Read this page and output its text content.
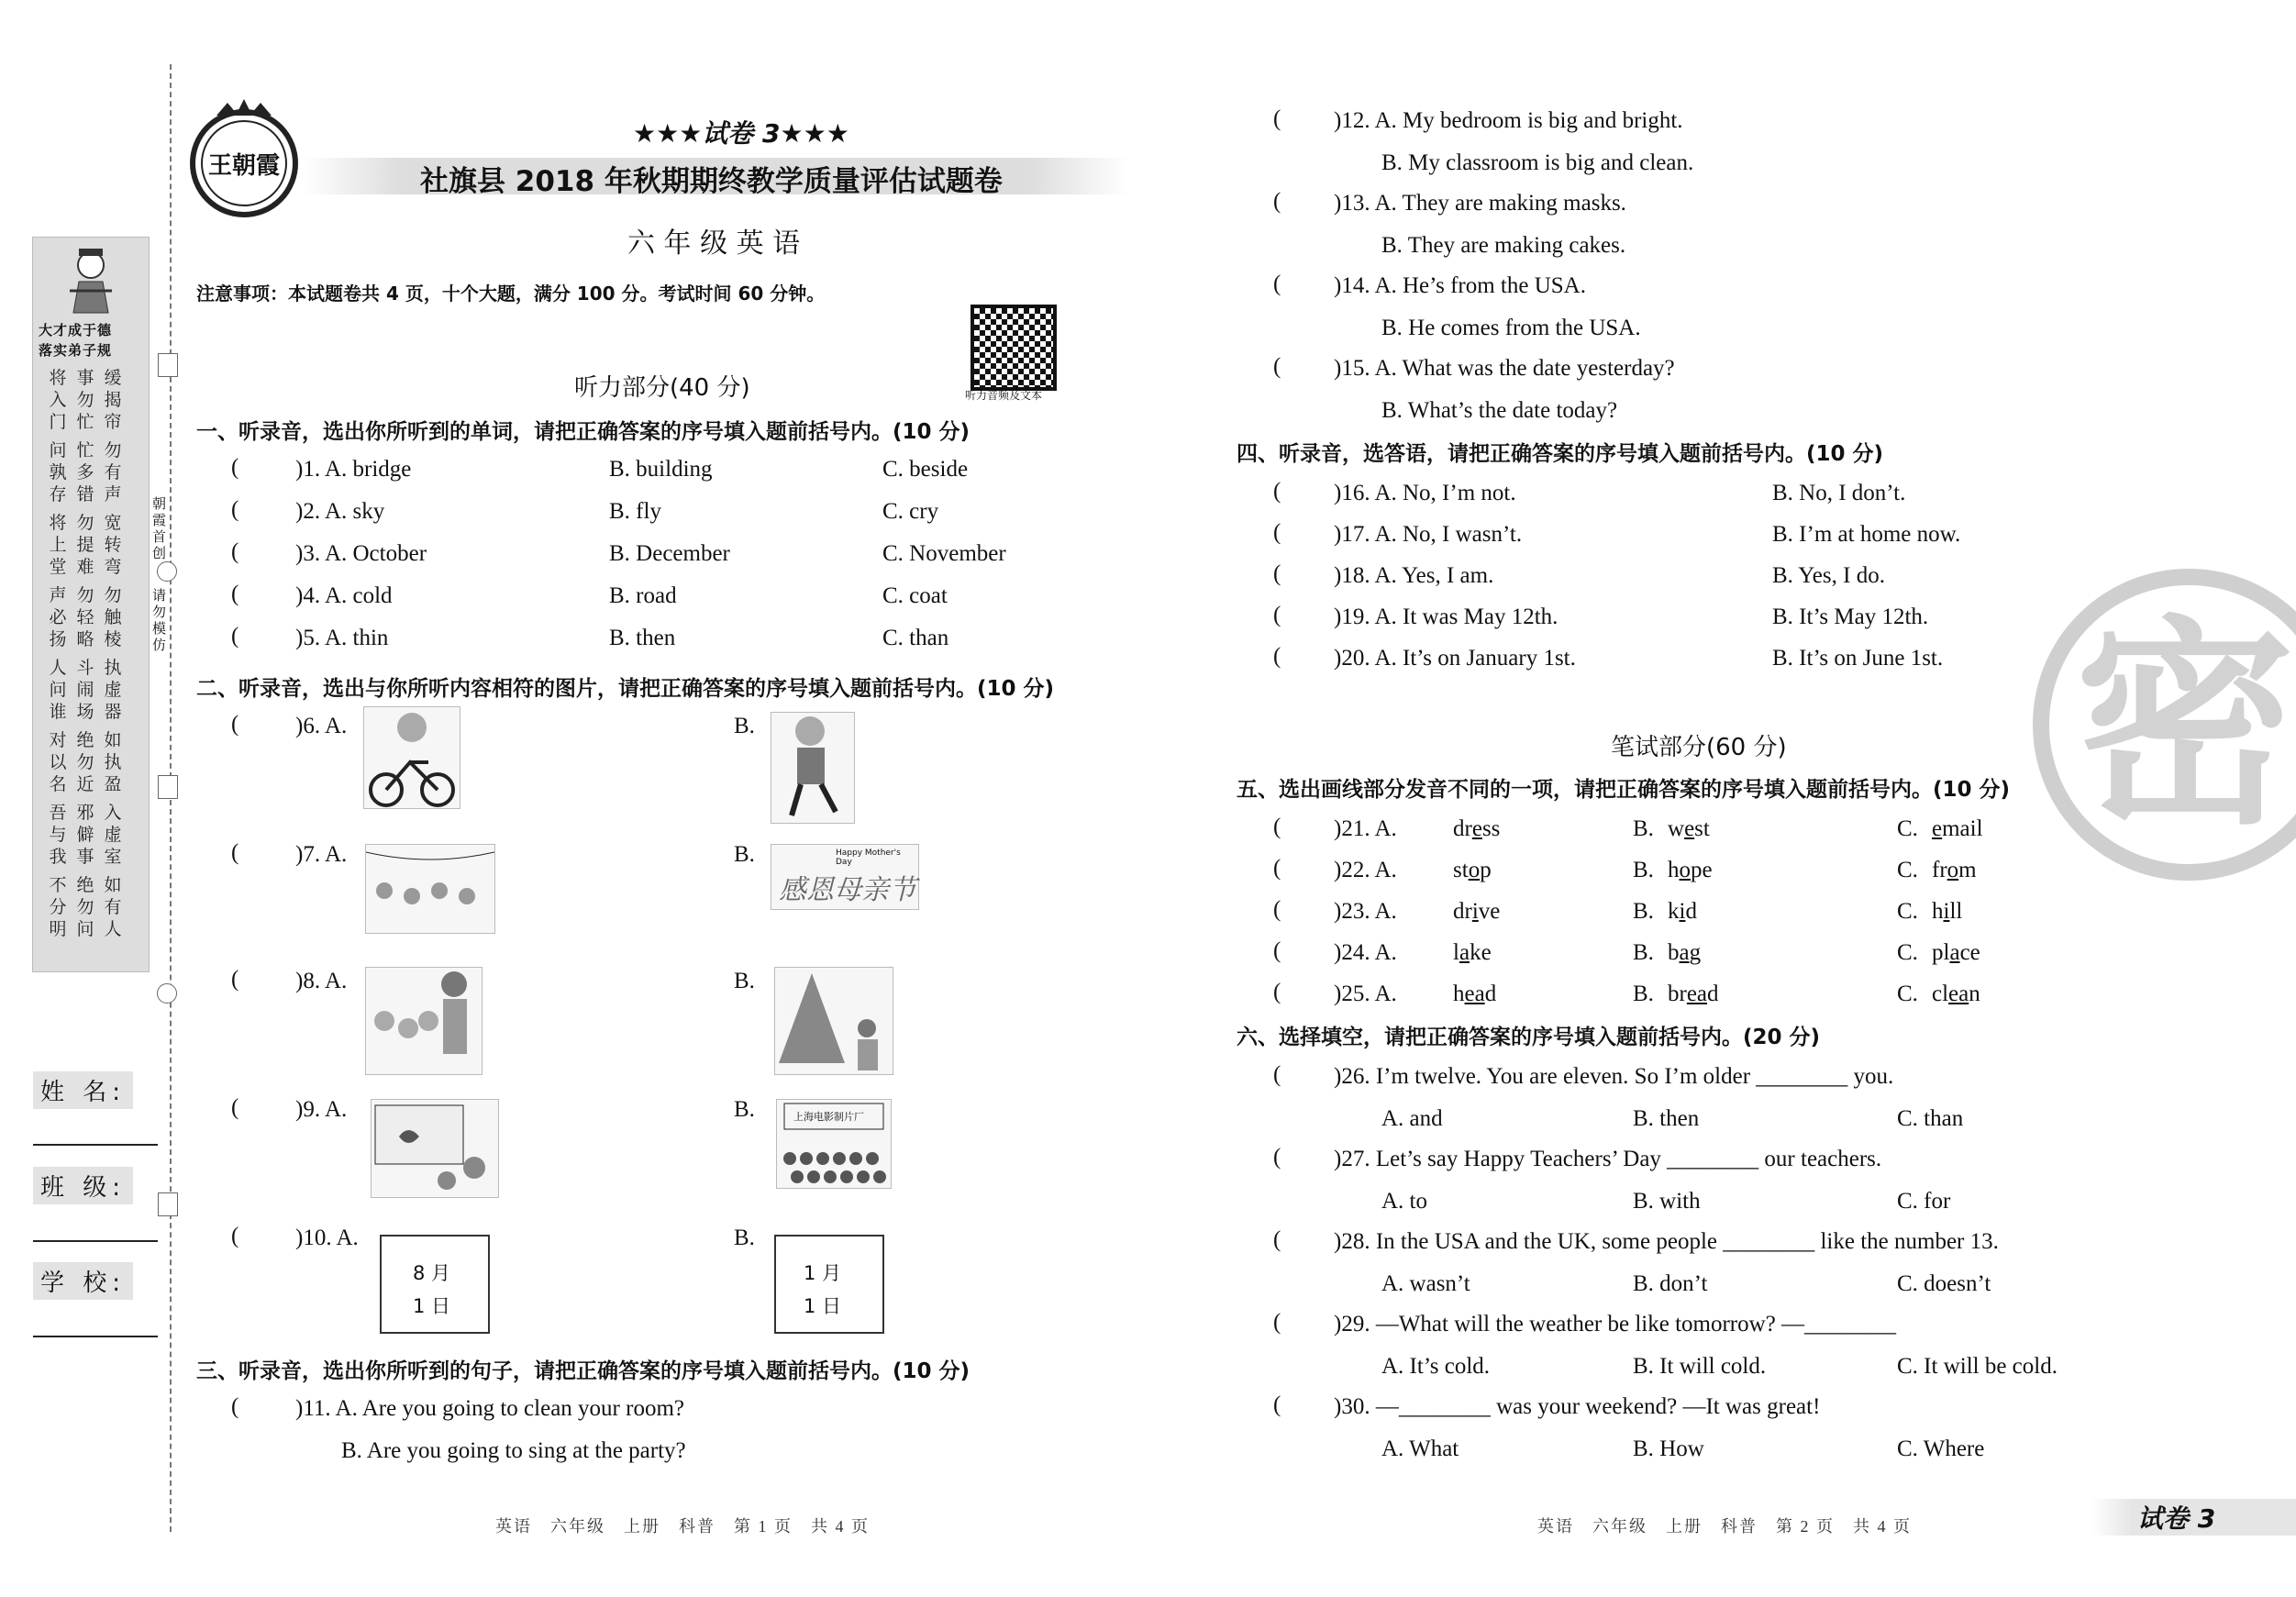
大才成于德
落实弟子规
将入门
事勿忙
缓揭帘
问孰存
忙多错
勿有声
将上堂
勿提难
宽转弯
声必扬
勿轻略
勿触棱
人问谁
斗闹场
执虚器
对以名
绝勿近
如执盈
吾与我
邪僻事
入虚室
不分明
绝勿问
如有人
朝霞首创
请勿模仿
姓 名:
班 级:
学 校:
王朝霞
★★★试卷 3★★★
社旗县 2018 年秋期期终教学质量评估试题卷
六 年 级 英 语
注意事项：本试题卷共 4 页，十个大题，满分 100 分。考试时间 60 分钟。
听力音频及文本
听力部分(40 分)
一、听录音，选出你所听到的单词，请把正确答案的序号填入题前括号内。(10 分)
( )1. A. bridge	B. building	C. beside
( )2. A. sky	B. fly	C. cry
( )3. A. October	B. December	C. November
( )4. A. cold	B. road	C. coat
( )5. A. thin	B. then	C. than
二、听录音，选出与你所听内容相符的图片，请把正确答案的序号填入题前括号内。(10 分)
( )6. A.	B.
( )7. A.	B.
( )8. A.	B.
( )9. A.	B.
( )10. A.	B.
Happy Mother's Day
感恩母亲节
上海电影制片厂
8 月
1 日
1 月
1 日
三、听录音，选出你所听到的句子，请把正确答案的序号填入题前括号内。(10 分)
( )11. A. Are you going to clean your room?
B. Are you going to sing at the party?
( )12. A. My bedroom is big and bright.
B. My classroom is big and clean.
( )13. A. They are making masks.
B. They are making cakes.
( )14. A. He’s from the USA.
B. He comes from the USA.
( )15. A. What was the date yesterday?
B. What’s the date today?
四、听录音，选答语，请把正确答案的序号填入题前括号内。(10 分)
( )16. A. No, I’m not.	B. No, I don’t.
( )17. A. No, I wasn’t.	B. I’m at home now.
( )18. A. Yes, I am.	B. Yes, I do.
( )19. A. It was May 12th.	B. It’s May 12th.
( )20. A. It’s on January 1st.	B. It’s on June 1st.
笔试部分(60 分)
五、选出画线部分发音不同的一项，请把正确答案的序号填入题前括号内。(10 分)
( )21. A. dress	B. west	C. email
( )22. A. stop	B. hope	C. from
( )23. A. drive	B. kid	C. hill
( )24. A. lake	B. bag	C. place
( )25. A. head	B. bread	C. clean
六、选择填空，请把正确答案的序号填入题前括号内。(20 分)
( )26. I’m twelve. You are eleven. So I’m older ________ you.
A. and	B. then	C. than
( )27. Let’s say Happy Teachers’ Day ________ our teachers.
A. to	B. with	C. for
( )28. In the USA and the UK, some people ________ like the number 13.
A. wasn’t	B. don’t	C. doesn’t
( )29. —What will the weather be like tomorrow? —________
A. It’s cold.	B. It will cold.	C. It will be cold.
( )30. —________ was your weekend? —It was great!
A. What	B. How	C. Where
密
英语　六年级　上册　科普　第 1 页　共 4 页	英语　六年级　上册　科普　第 2 页　共 4 页	试卷 3
